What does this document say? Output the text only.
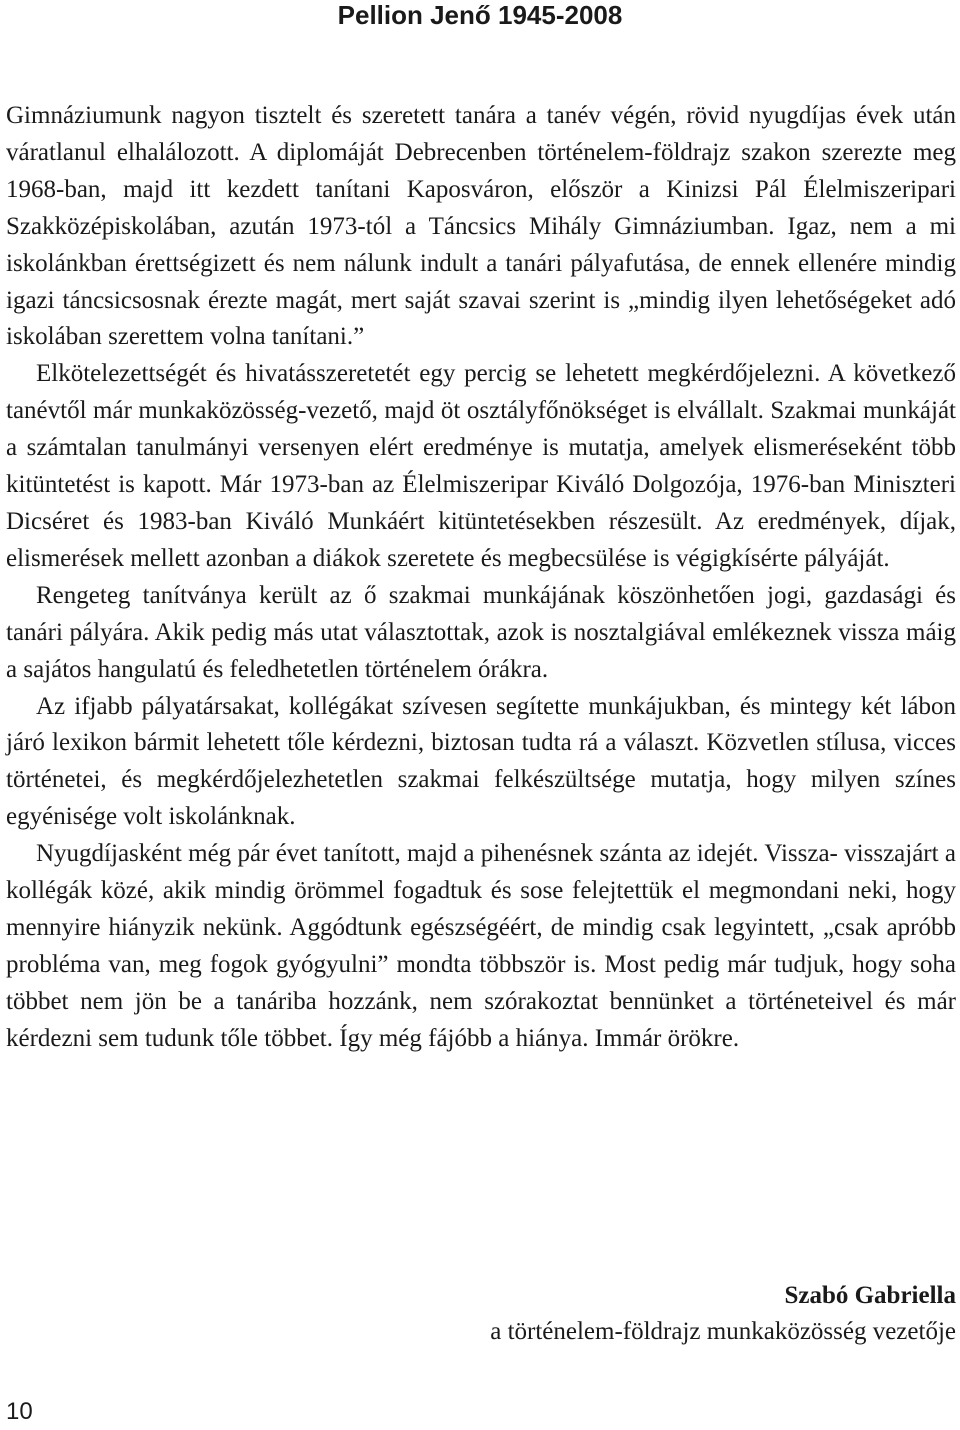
Pellion Jenő 1945-2008

Gimnáziumunk nagyon tisztelt és szeretett tanára a tanév végén, rövid nyugdíjas évek után váratlanul elhalálozott. A diplomáját Debrecenben történelem-földrajz szakon szerezte meg 1968-ban, majd itt kezdett tanítani Kaposváron, először a Kinizsi Pál Élelmiszeripari Szakközépiskolában, azután 1973-tól a Táncsics Mihály Gimnáziumban. Igaz, nem a mi iskolánkban érettségizett és nem nálunk indult a tanári pályafutása, de ennek ellenére mindig igazi táncsicsosnak érezte magát, mert saját szavai szerint is „mindig ilyen lehetőségeket adó iskolában szerettem volna tanítani.”

Elkötelezettségét és hivatásszeretetét egy percig se lehetett megkérdőjelezni. A következő tanévtől már munkaközösség-vezető, majd öt osztályfőnökséget is elvállalt. Szakmai munkáját a számtalan tanulmányi versenyen elért eredménye is mutatja, amelyek elismeréseként több kitüntetést is kapott. Már 1973-ban az Élelmiszeripar Kiváló Dolgozója, 1976-ban Miniszteri Dicséret és 1983-ban Kiváló Munkáért kitüntetésekben részesült. Az eredmények, díjak, elismerések mellett azonban a diákok szeretete és megbecsülése is végigkísérte pályáját.

Rengeteg tanítványa került az ő szakmai munkájának köszönhetően jogi, gazdasági és tanári pályára. Akik pedig más utat választottak, azok is nosztalgiával emlékeznek vissza máig a sajátos hangulatú és feledhetetlen történelem órákra.

Az ifjabb pályatársakat, kollégákat szívesen segítette munkájukban, és mintegy két lábon járó lexikon bármit lehetett tőle kérdezni, biztosan tudta rá a választ. Közvetlen stílusa, vicces történetei, és megkérdőjelezhetetlen szakmai felkészültsége mutatja, hogy milyen színes egyénisége volt iskolánknak.

Nyugdíjasként még pár évet tanított, majd a pihenésnek szánta az idejét. Vissza- visszajárt a kollégák közé, akik mindig örömmel fogadtuk és sose felejtettük el megmondani neki, hogy mennyire hiányzik nekünk. Aggódtunk egészségéért, de mindig csak legyintett, „csak apróbb probléma van, meg fogok gyógyulni” mondta többször is. Most pedig már tudjuk, hogy soha többet nem jön be a tanáriba hozzánk, nem szórakoztat bennünket a történeteivel és már kérdezni sem tudunk tőle többet. Így még fájóbb a hiánya. Immár örökre.

Szabó Gabriella
a történelem-földrajz munkaközösség vezetője
10
